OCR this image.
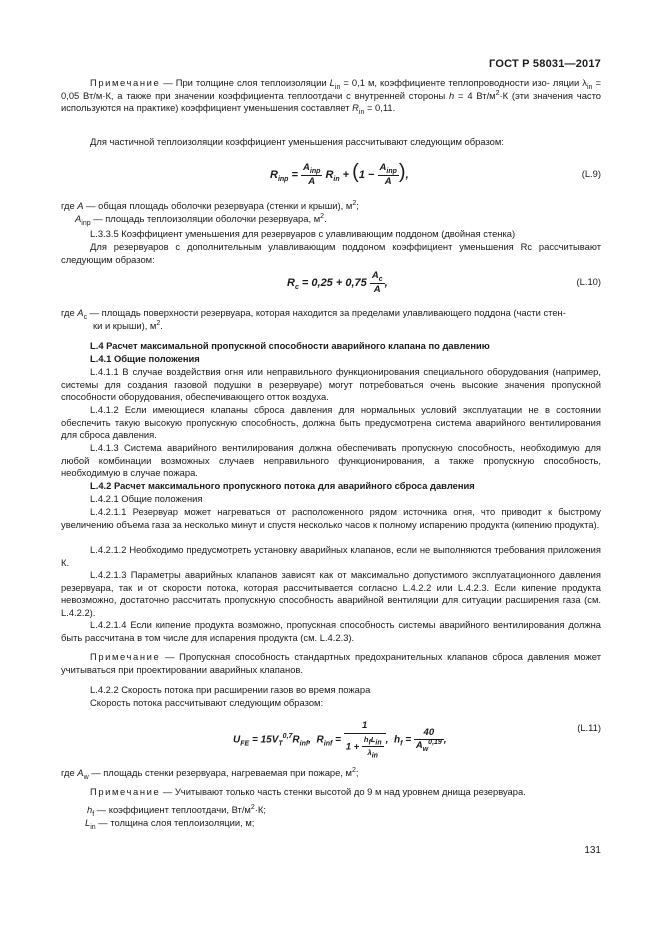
ГОСТ Р 58031—2017
Примечание — При толщине слоя теплоизоляции $L_{in} = 0,1$ м, коэффициенте теплопроводности изо- ляции $\lambda_{in} = 0,05$ Вт/м·К, а также при значении коэффициента теплоотдачи с внутренней стороны h = 4 $Вт/м^2\cdot К$ (эти значения часто используются на практике) коэффициент уменьшения составляет $R_{in} = 0,11$.
Для частичной теплоизоляции коэффициент уменьшения рассчитывают следующим образом:
$R_{inp} = \frac{A_{inp}}{A} R_{in} + (1 - \frac{A_{inp}}{A}$ ),	(L.9)
где A — общая площадь оболочки резервуара (стенки и крыши), $м^2$;
$A_{inp}$ — площадь теплоизоляции оболочки резервуара, $м^2$.
L.3.3.5 Коэффициент уменьшения для резервуаров с улавливающим поддоном (двойная стенка)
Для резервуаров с дополнительным улавливающим поддоном коэффициент уменьшения Rc рассчитывают следующим образом:
$R_c = 0,25 + 0,75 \frac{A_c}{A}$ ,	(L.10)
где $A_c$ — площадь поверхности резервуара, которая находится за пределами улавливающего поддона (части стен-
ки и крыши), $м^2$.
L.4 Расчет максимальной пропускной способности аварийного клапана по давлению
L.4.1 Общие положения
L.4.1.1 В случае воздействия огня или неправильного функционирования специального оборудования (например, системы для создания газовой подушки в резервуаре) могут потребоваться очень высокие значения пропускной способности оборудования, обеспечивающего отток воздуха.
L.4.1.2 Если имеющиеся клапаны сброса давления для нормальных условий эксплуатации не в состоянии обеспечить такую высокую пропускную способность, должна быть предусмотрена система аварийного вентилирования для сброса давления.
L.4.1.3 Система аварийного вентилирования должна обеспечивать пропускную способность, необходимую для любой комбинации возможных случаев неправильного функционирования, а также пропускную способность, необходимую в случае пожара.
L.4.2 Расчет максимального пропускного потока для аварийного сброса давления
L.4.2.1 Общие положения
L.4.2.1.1 Резервуар может нагреваться от расположенного рядом источника огня, что приводит к быстрому увеличению объема газа за несколько минут и спустя несколько часов к полному испарению продукта (кипению продукта).
L.4.2.1.2 Необходимо предусмотреть установку аварийных клапанов, если не выполняются требования приложения К.
L.4.2.1.3 Параметры аварийных клапанов зависят как от максимально допустимого эксплуатационного давления резервуара, так и от скорости потока, которая рассчитывается согласно L.4.2.2 или L.4.2.3. Если кипение продукта невозможно, достаточно рассчитать пропускную способность аварийной вентиляции для ситуации расширения газа (см. L.4.2.2).
L.4.2.1.4 Если кипение продукта возможно, пропускная способность системы аварийного вентилирования должна быть рассчитана в том числе для испарения продукта (см. L.4.2.3).
Примечание — Пропускная способность стандартных предохранительных клапанов сброса давления может учитываться при проектировании аварийных клапанов.
L.4.2.2 Скорость потока при расширении газов во время пожара
Скорость потока рассчитывают следующим образом:
$U_{FE} = 15V_T^{0,7}R_{inf}$, $R_{inf} = \frac{1}{1 + \frac{h_fL_{in}}{\lambda_{in}}}$ , $h_f = \frac{40}{A_w^{0,19}}$ ,
(L.11)
где $A_w$ — площадь стенки резервуара, нагреваемая при пожаре, $м^2$;
Примечание — Учитывают только часть стенки высотой до 9 м над уровнем днища резервуара.
$h_f$ — коэффициент теплоотдачи, $Вт/м^2\cdot К$;
$L_{in}$ — толщина слоя теплоизоляции, м;
131
